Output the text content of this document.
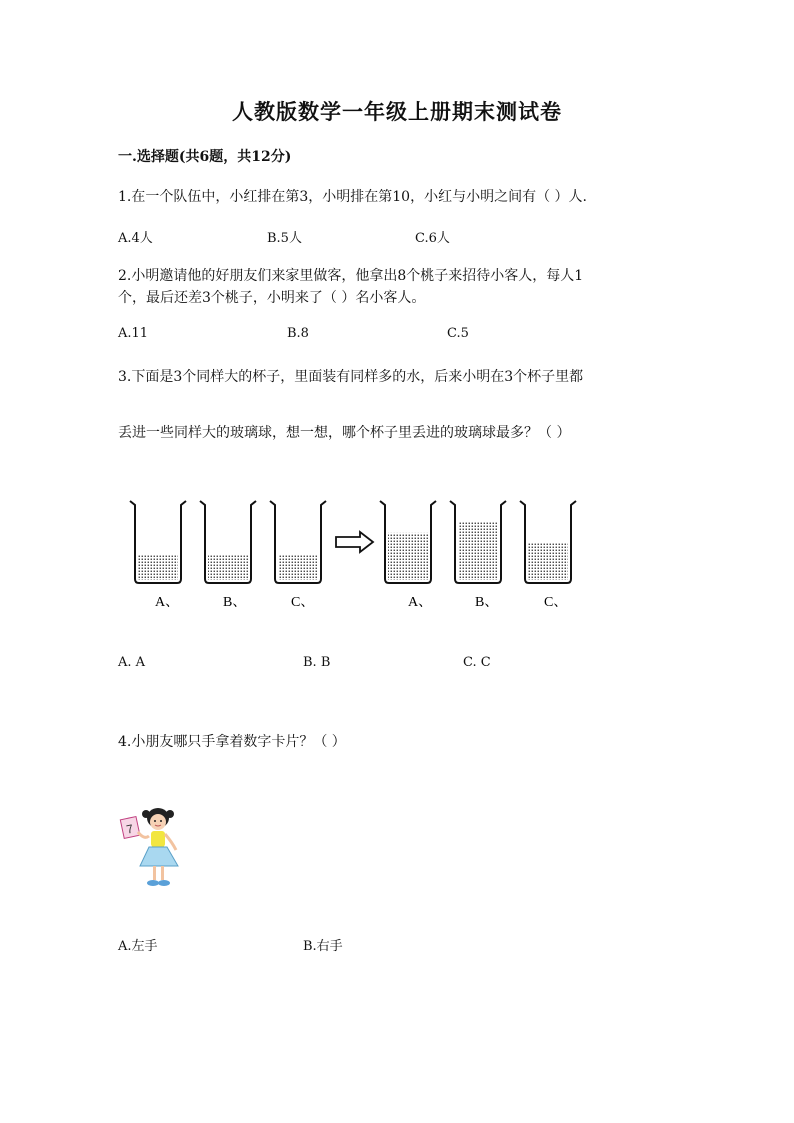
人教版数学一年级上册期末测试卷
一.选择题(共6题，共12分)
1.在一个队伍中，小红排在第3，小明排在第10，小红与小明之间有（ ）人.
A.4人	B.5人	C.6人
2.小明邀请他的好朋友们来家里做客，他拿出8个桃子来招待小客人，每人1
个，最后还差3个桃子，小明来了（ ）名小客人。
A.11	B.8	C.5
3.下面是3个同样大的杯子，里面装有同样多的水，后来小明在3个杯子里都
丢进一些同样大的玻璃球，想一想，哪个杯子里丢进的玻璃球最多？（ ）
A、	B、	C、	A、	B、	C、
A. A	B. B	C. C
4.小朋友哪只手拿着数字卡片？（ ）
7
A.左手	B.右手
